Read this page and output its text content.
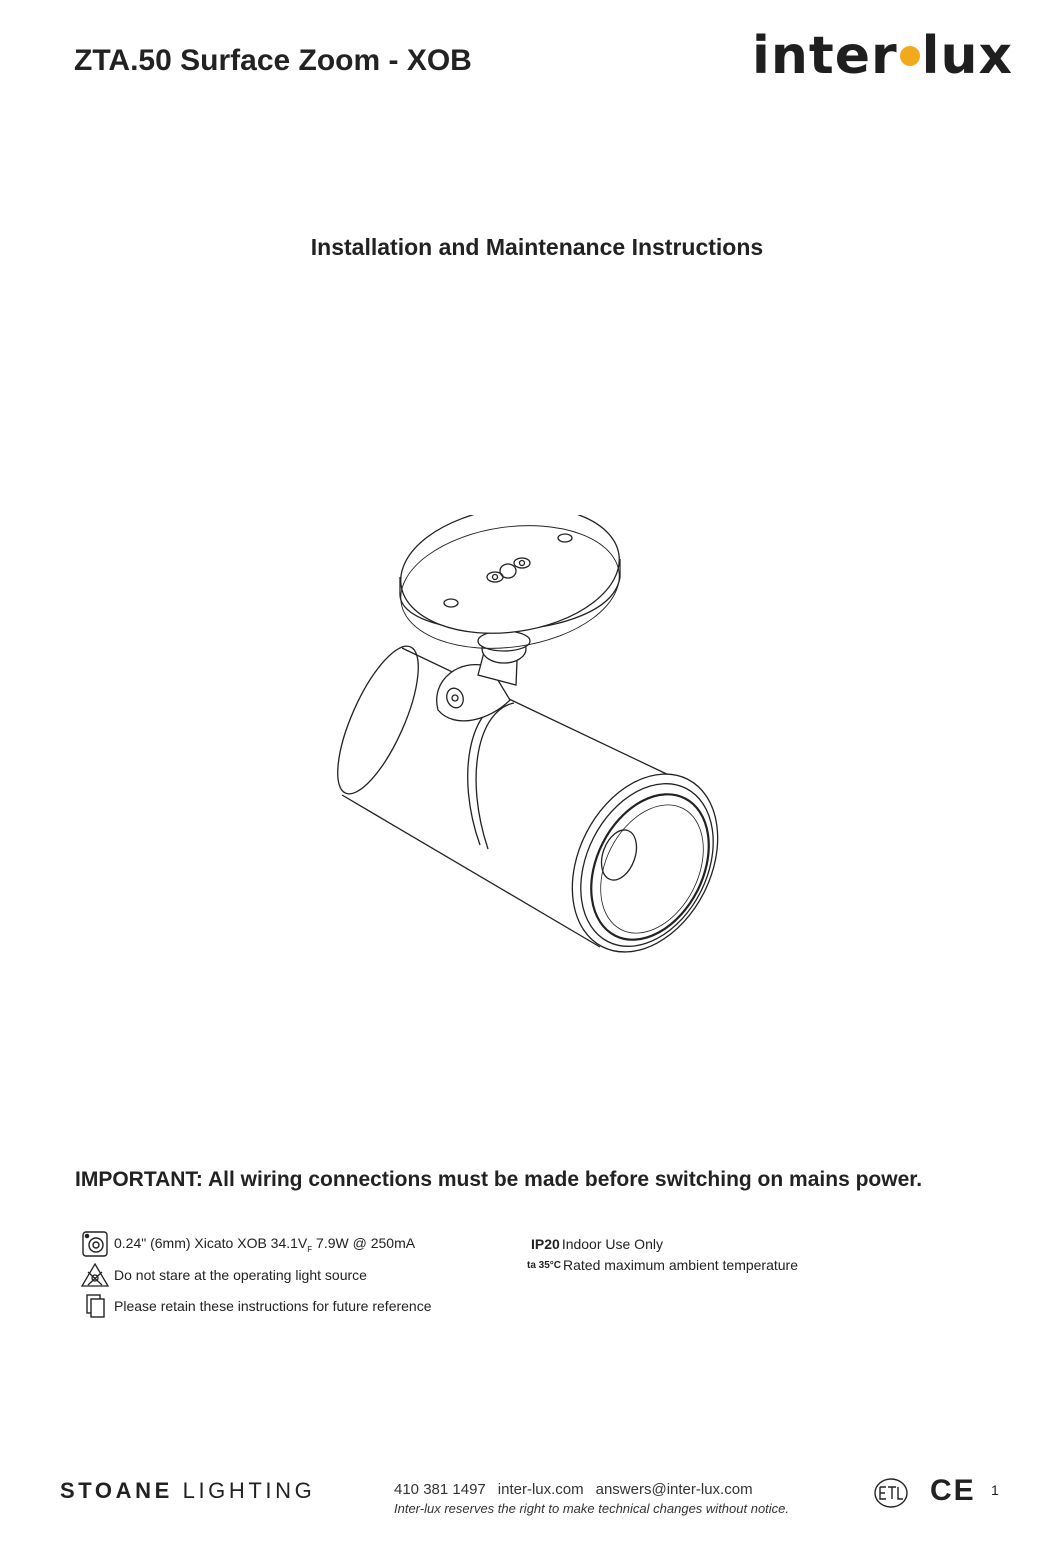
ZTA.50 Surface Zoom - XOB	inter lux
Installation and Maintenance Instructions
IMPORTANT: All wiring connections must be made before switching on mains power.
0.24" (6mm) Xicato XOB $34.1V_F$ 7.9W @ 250mA
Do not stare at the operating light source
Please retain these instructions for future reference
IP20 Indoor Use Only
ta 35°C Rated maximum ambient temperature
STOANE LIGHTING	410 381 1497 inter-lux.com answers@inter-lux.com
Inter-lux reserves the right to make technical changes without notice.
CE 1
